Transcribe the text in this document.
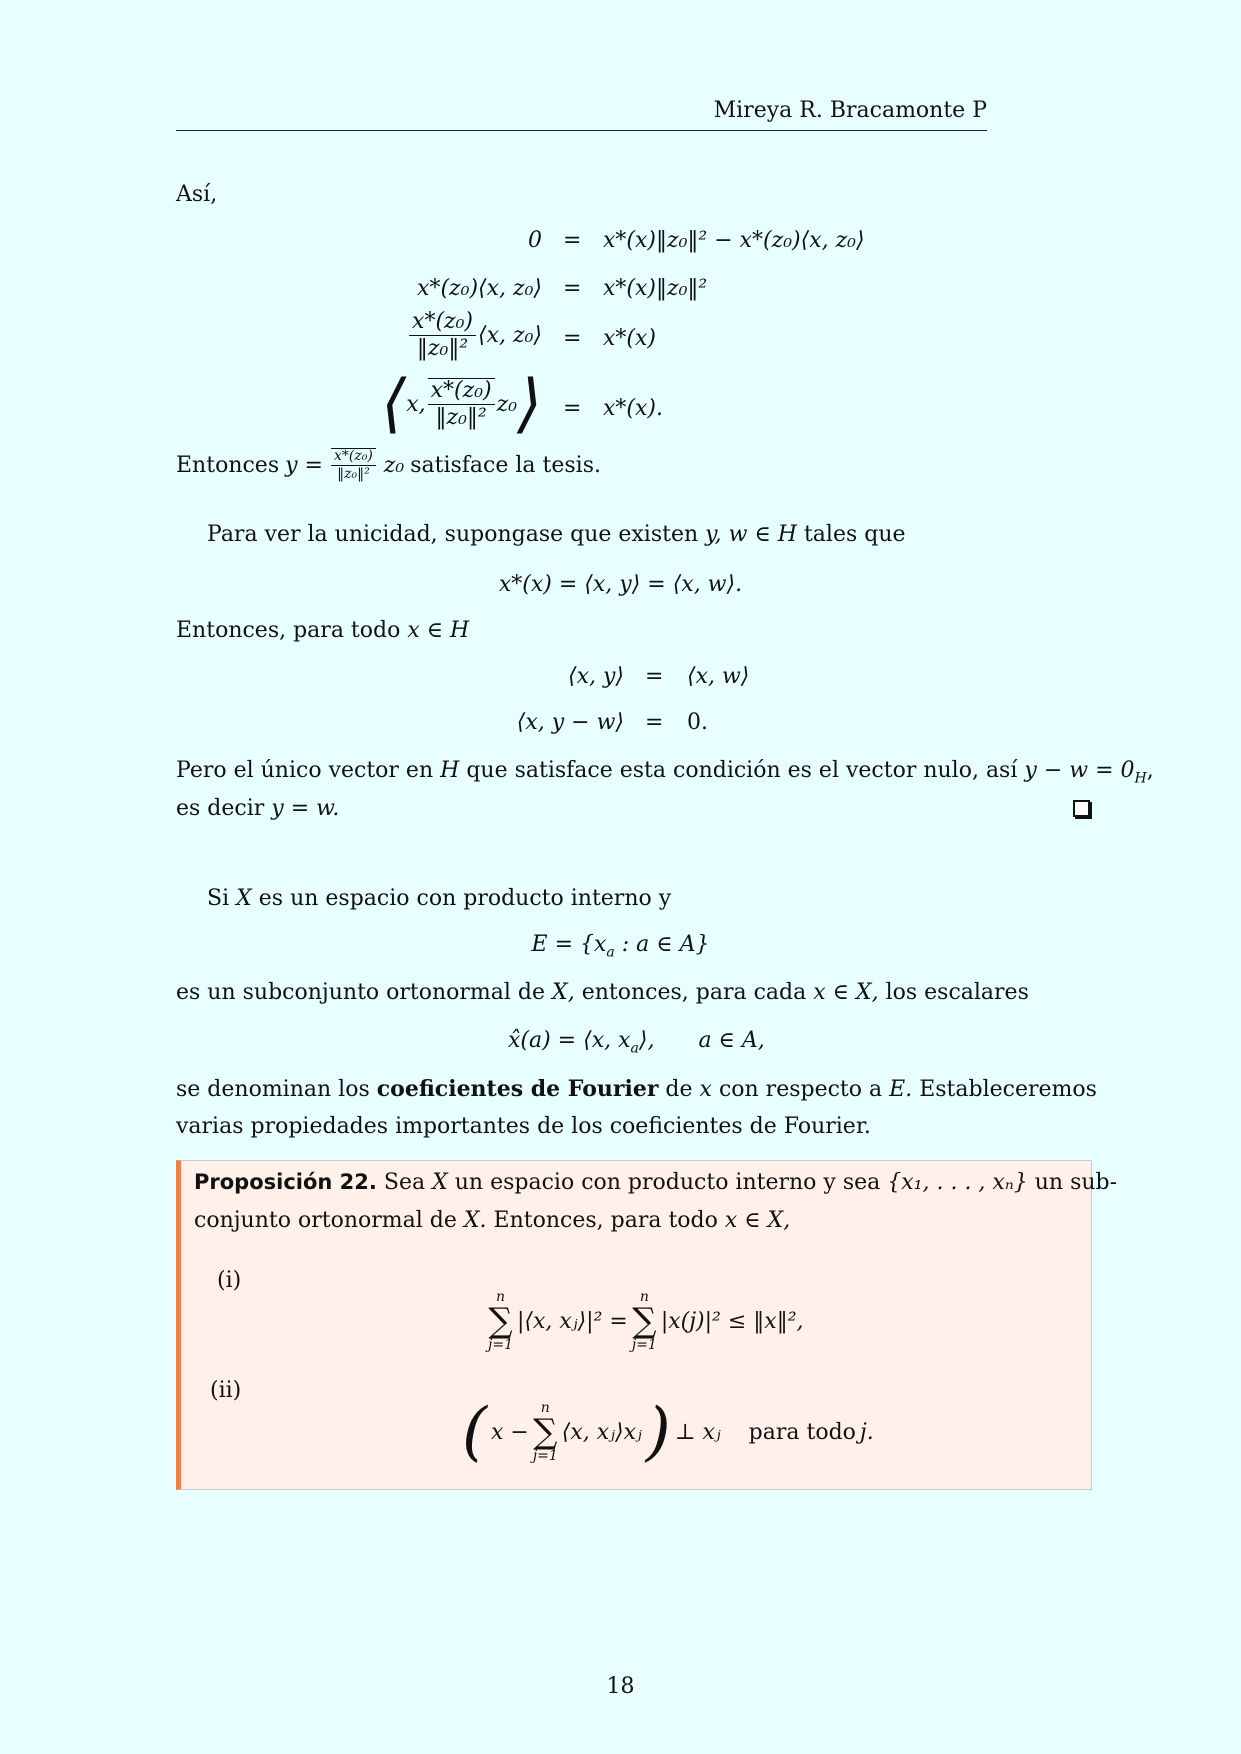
Mireya R. Bracamonte P
Así,
0 = x*(x)‖z₀‖² − x*(z₀)⟨x, z₀⟩
x*(z₀)⟨x, z₀⟩ = x*(x)‖z₀‖²
$\frac{\text{x*(z₀)}}{\text{‖z₀‖²}}$ ⟨x, z₀⟩ = x*(x)
⟨ x, $\frac{\text{x*(z₀)}}{\text{‖z₀‖²}} z_0$ ⟩ = x*(x).
Entonces $y = \frac{\text{x*(z₀)}}{\text{‖z₀‖²}} z_0$ satisface la tesis.
Para ver la unicidad, supongase que existen y, w ∈ H tales que
x*(x) = ⟨x, y⟩ = ⟨x, w⟩.
Entonces, para todo x ∈ H
⟨x, y⟩ = ⟨x, w⟩
⟨x, y − w⟩ = 0.
Pero el único vector en H que satisface esta condición es el vector nulo, así $y - w = 0_H$,
es decir y = w.
Si X es un espacio con producto interno y
$E = \{x_a$ : a ∈ A}
es un subconjunto ortonormal de X, entonces, para cada x ∈ X, los escalares
x̂(a) = ⟨x, $x_a⟩$, a ∈ A,
se denominan los coeficientes de Fourier de x con respecto a E. Estableceremos
varias propiedades importantes de los coeficientes de Fourier.
Proposición 22. Sea X un espacio con producto interno y sea {x₁, . . . , xₙ} un sub-
conjunto ortonormal de X. Entonces, para todo x ∈ X,
(i)
n
∑
j=1
|⟨x, xⱼ⟩|² =
n
∑
j=1
|x(j)|² ≤ ‖x‖²,
(ii)
( x −
n
∑
j=1
⟨x, xⱼ⟩xⱼ ) ⊥ xⱼ para todo j.
18
